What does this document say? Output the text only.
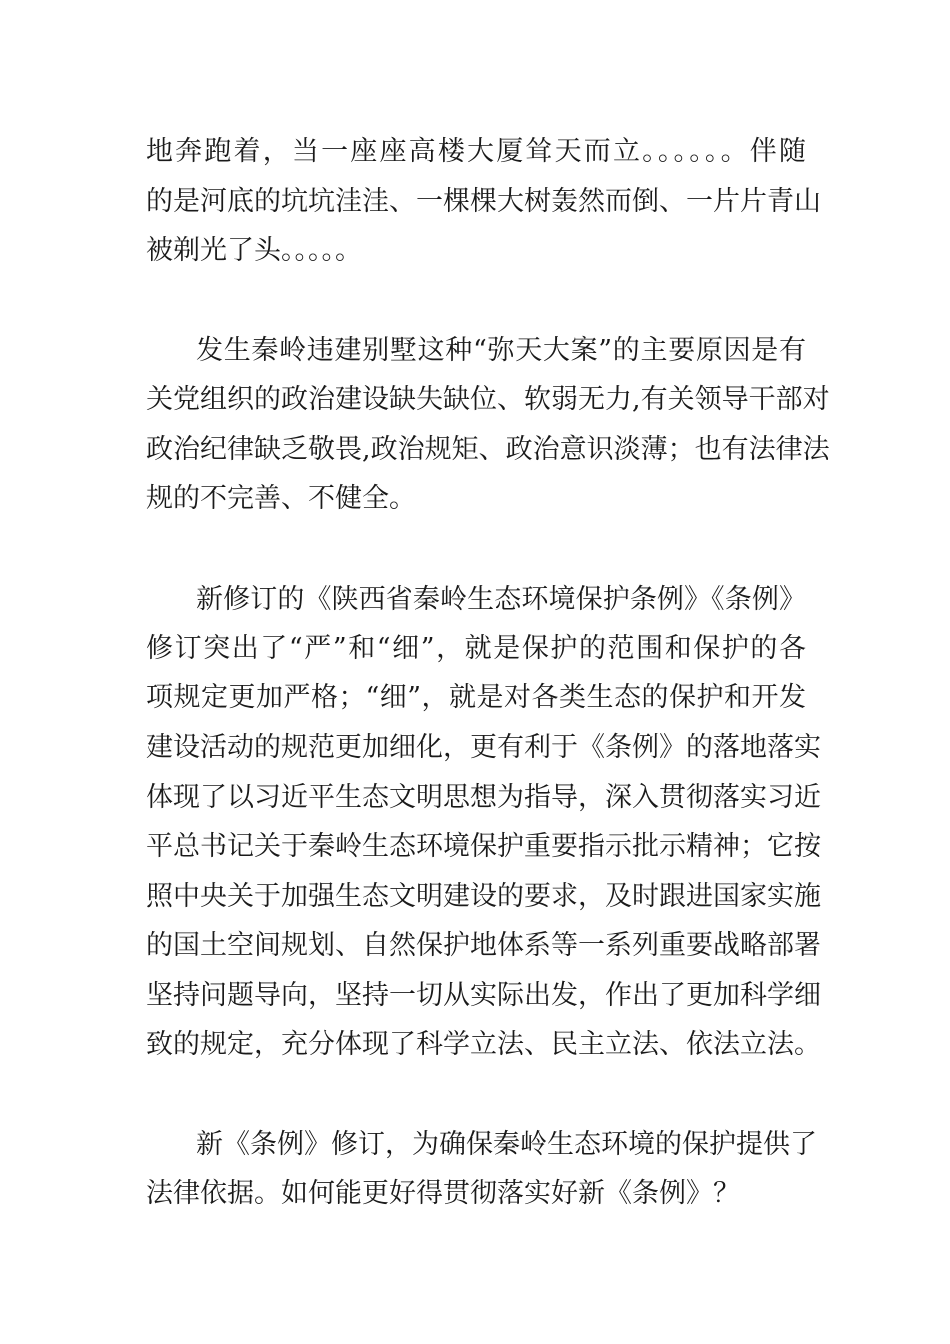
地奔跑着，当一座座高楼大厦耸天而立。。。。。。伴随
的是河底的坑坑洼洼、一棵棵大树轰然而倒、一片片青山
被剃光了头。。。。。
发生秦岭违建别墅这种“弥天大案”的主要原因是有
关党组织的政治建设缺失缺位、软弱无力,有关领导干部对
政治纪律缺乏敬畏,政治规矩、政治意识淡薄；也有法律法
规的不完善、不健全。
新修订的《陕西省秦岭生态环境保护条例》《条例》
修订突出了“严”和“细”，就是保护的范围和保护的各
项规定更加严格；“细”，就是对各类生态的保护和开发
建设活动的规范更加细化，更有利于《条例》的落地落实
体现了以习近平生态文明思想为指导，深入贯彻落实习近
平总书记关于秦岭生态环境保护重要指示批示精神；它按
照中央关于加强生态文明建设的要求，及时跟进国家实施
的国土空间规划、自然保护地体系等一系列重要战略部署
坚持问题导向，坚持一切从实际出发，作出了更加科学细
致的规定，充分体现了科学立法、民主立法、依法立法。
新《条例》修订，为确保秦岭生态环境的保护提供了
法律依据。如何能更好得贯彻落实好新《条例》？
